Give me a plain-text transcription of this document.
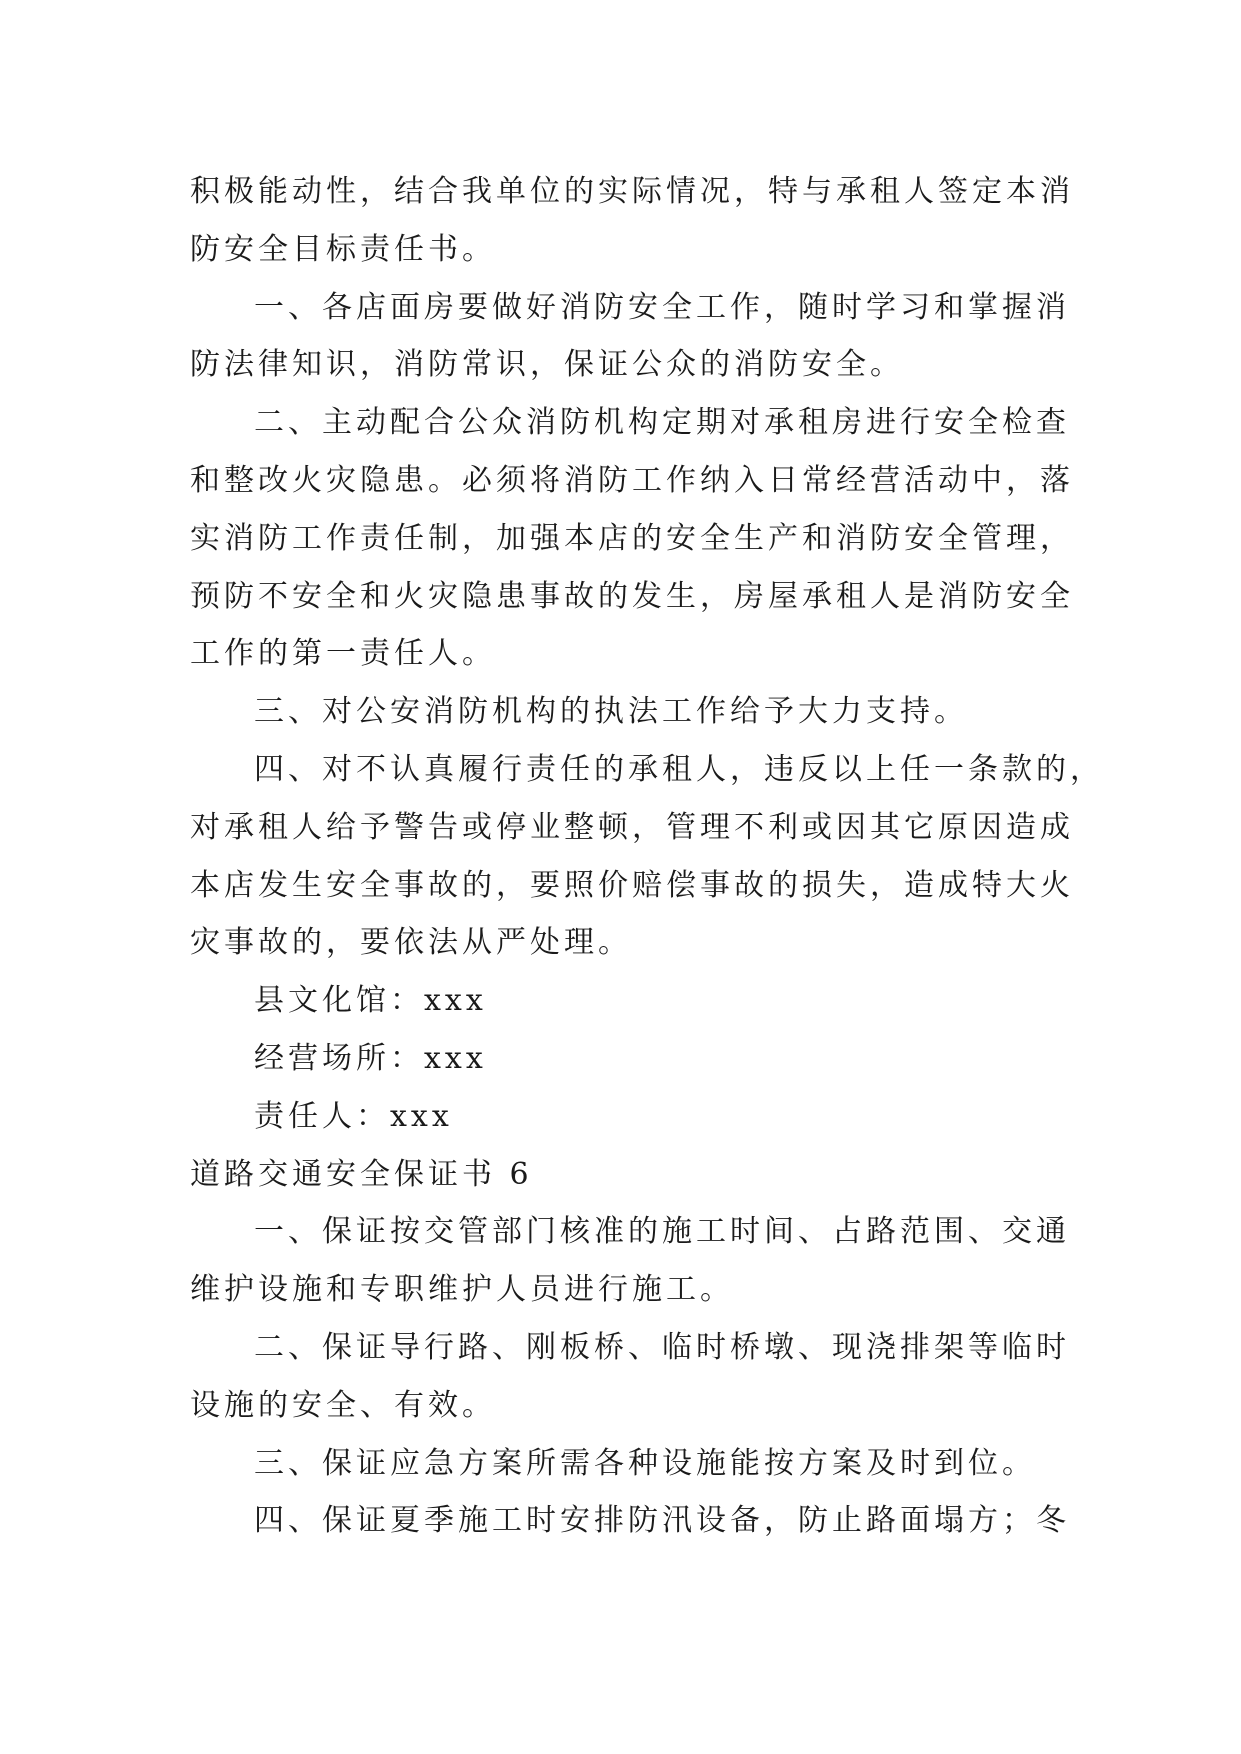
积极能动性，结合我单位的实际情况，特与承租人签定本消
防安全目标责任书。
一、各店面房要做好消防安全工作，随时学习和掌握消
防法律知识，消防常识，保证公众的消防安全。
二、主动配合公众消防机构定期对承租房进行安全检查
和整改火灾隐患。必须将消防工作纳入日常经营活动中，落
实消防工作责任制，加强本店的安全生产和消防安全管理，
预防不安全和火灾隐患事故的发生，房屋承租人是消防安全
工作的第一责任人。
三、对公安消防机构的执法工作给予大力支持。
四、对不认真履行责任的承租人，违反以上任一条款的，
对承租人给予警告或停业整顿，管理不利或因其它原因造成
本店发生安全事故的，要照价赔偿事故的损失，造成特大火
灾事故的，要依法从严处理。
县文化馆：xxx
经营场所：xxx
责任人：xxx
道路交通安全保证书 6
一、保证按交管部门核准的施工时间、占路范围、交通
维护设施和专职维护人员进行施工。
二、保证导行路、刚板桥、临时桥墩、现浇排架等临时
设施的安全、有效。
三、保证应急方案所需各种设施能按方案及时到位。
四、保证夏季施工时安排防汛设备，防止路面塌方；冬
